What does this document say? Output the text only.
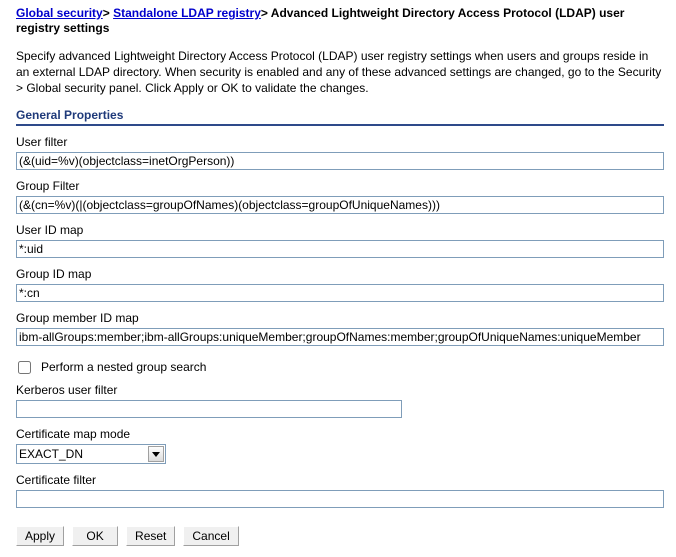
Global security> Standalone LDAP registry> Advanced Lightweight Directory Access Protocol (LDAP) user registry settings
Specify advanced Lightweight Directory Access Protocol (LDAP) user registry settings when users and groups reside in an external LDAP directory. When security is enabled and any of these advanced settings are changed, go to the Security > Global security panel. Click Apply or OK to validate the changes.
General Properties
User filter
(&(uid=%v)(objectclass=inetOrgPerson))
Group Filter
(&(cn=%v)(|(objectclass=groupOfNames)(objectclass=groupOfUniqueNames)))
User ID map
*:uid
Group ID map
*:cn
Group member ID map
ibm-allGroups:member;ibm-allGroups:uniqueMember;groupOfNames:member;groupOfUniqueNames:uniqueMember
Perform a nested group search
Kerberos user filter
Certificate map mode
EXACT_DN
Certificate filter
Apply	OK	Reset	Cancel
